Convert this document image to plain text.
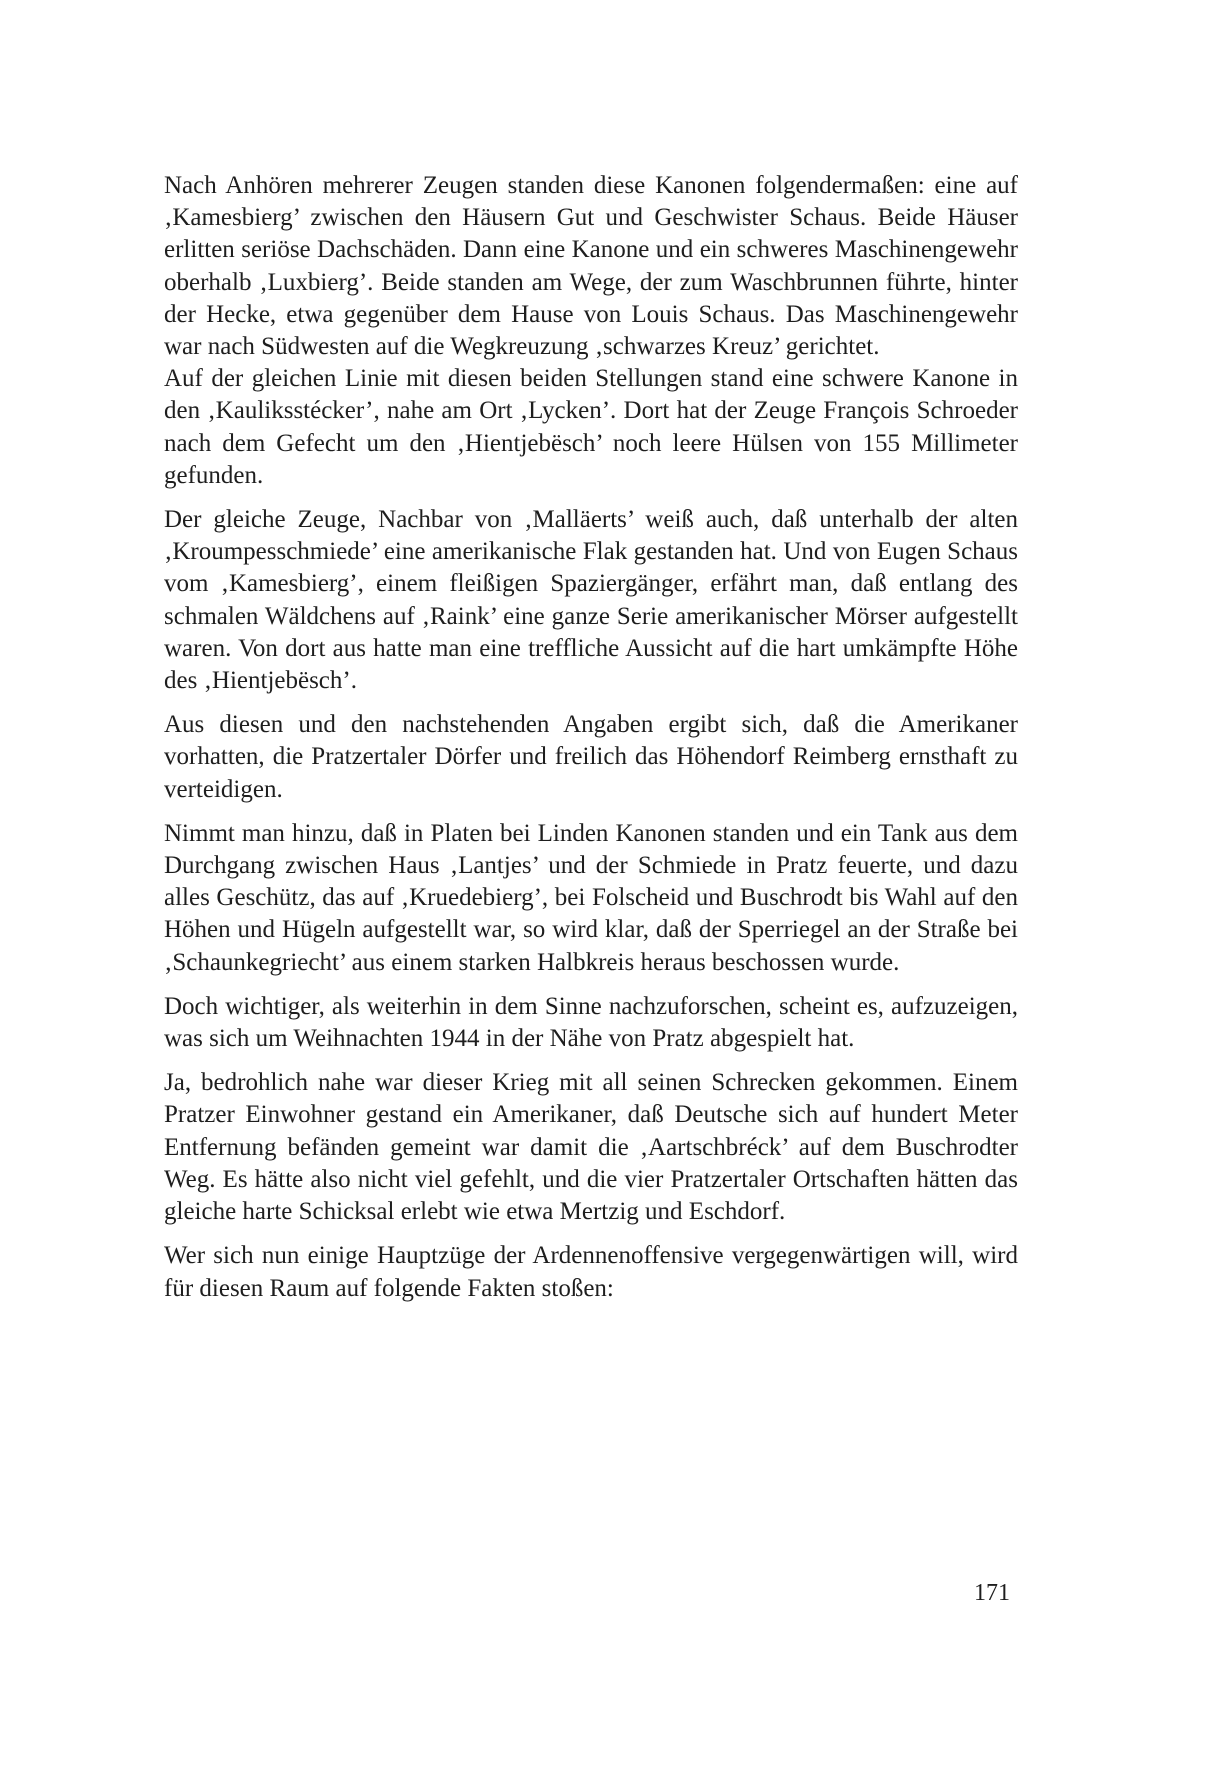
Nach Anhören mehrerer Zeugen standen diese Kanonen folgendermaßen: eine auf ‚Kamesbierg’ zwischen den Häusern Gut und Geschwister Schaus. Beide Häuser erlitten seriöse Dachschäden. Dann eine Kanone und ein schweres Maschinengewehr oberhalb ‚Luxbierg’. Beide standen am Wege, der zum Waschbrunnen führte, hinter der Hecke, etwa gegenüber dem Hause von Louis Schaus. Das Maschinengewehr war nach Südwesten auf die Wegkreuzung ‚schwarzes Kreuz’ gerichtet.

Auf der gleichen Linie mit diesen beiden Stellungen stand eine schwere Kanone in den ‚Kauliksstécker’, nahe am Ort ‚Lycken’. Dort hat der Zeuge François Schroeder nach dem Gefecht um den ‚Hientjebësch’ noch leere Hülsen von 155 Millimeter gefunden.

Der gleiche Zeuge, Nachbar von ‚Malläerts’ weiß auch, daß unterhalb der alten ‚Kroumpesschmiede’ eine amerikanische Flak gestanden hat. Und von Eugen Schaus vom ‚Kamesbierg’, einem fleißigen Spaziergänger, erfährt man, daß entlang des schmalen Wäldchens auf ‚Raink’ eine ganze Serie amerikanischer Mörser aufgestellt waren. Von dort aus hatte man eine treffliche Aussicht auf die hart umkämpfte Höhe des ‚Hientjebësch’.

Aus diesen und den nachstehenden Angaben ergibt sich, daß die Amerikaner vorhatten, die Pratzertaler Dörfer und freilich das Höhendorf Reimberg ernsthaft zu verteidigen.

Nimmt man hinzu, daß in Platen bei Linden Kanonen standen und ein Tank aus dem Durchgang zwischen Haus ‚Lantjes’ und der Schmiede in Pratz feuerte, und dazu alles Geschütz, das auf ‚Kruedebierg’, bei Folscheid und Buschrodt bis Wahl auf den Höhen und Hügeln aufgestellt war, so wird klar, daß der Sperriegel an der Straße bei ‚Schaunkegriecht’ aus einem starken Halbkreis heraus beschossen wurde.

Doch wichtiger, als weiterhin in dem Sinne nachzuforschen, scheint es, aufzuzeigen, was sich um Weihnachten 1944 in der Nähe von Pratz abgespielt hat.

Ja, bedrohlich nahe war dieser Krieg mit all seinen Schrecken gekommen. Einem Pratzer Einwohner gestand ein Amerikaner, daß Deutsche sich auf hundert Meter Entfernung befänden gemeint war damit die ‚Aartschbréck’ auf dem Buschrodter Weg. Es hätte also nicht viel gefehlt, und die vier Pratzertaler Ortschaften hätten das gleiche harte Schicksal erlebt wie etwa Mertzig und Eschdorf.

Wer sich nun einige Hauptzüge der Ardennenoffensive vergegenwärtigen will, wird für diesen Raum auf folgende Fakten stoßen:

171
